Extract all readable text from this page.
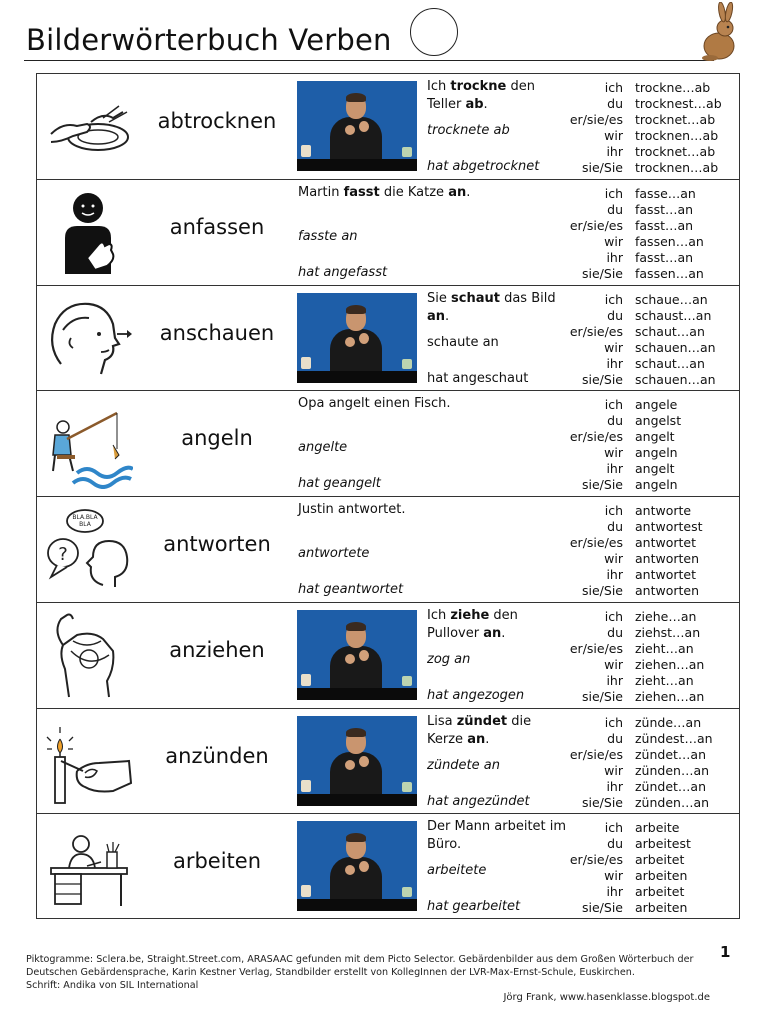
Bilderwörterbuch Verben
abtrocknen
Ich trockne den Teller ab.
trocknete ab
hat abgetrocknet
ich
du
er/sie/es
wir
ihr
sie/Sie
trockne…ab
trocknest…ab
trocknet…ab
trocknen…ab
trocknet…ab
trocknen…ab
anfassen
Martin fasst die Katze an.
fasste an
hat angefasst
ich
du
er/sie/es
wir
ihr
sie/Sie
fasse…an
fasst…an
fasst…an
fassen…an
fasst…an
fassen…an
anschauen
Sie schaut das Bild an.
schaute an
hat angeschaut
ich
du
er/sie/es
wir
ihr
sie/Sie
schaue…an
schaust…an
schaut…an
schauen…an
schaut…an
schauen…an
angeln
Opa angelt einen Fisch.
angelte
hat geangelt
ich
du
er/sie/es
wir
ihr
sie/Sie
angele
angelst
angelt
angeln
angelt
angeln
BLA.BLA
BLA
?	antworten
Justin antwortet.
antwortete
hat geantwortet
ich
du
er/sie/es
wir
ihr
sie/Sie
antworte
antwortest
antwortet
antworten
antwortet
antworten
anziehen
Ich ziehe den Pullover an.
zog an
hat angezogen
ich
du
er/sie/es
wir
ihr
sie/Sie
ziehe…an
ziehst…an
zieht…an
ziehen…an
zieht…an
ziehen…an
anzünden
Lisa zündet die Kerze an.
zündete an
hat angezündet
ich
du
er/sie/es
wir
ihr
sie/Sie
zünde…an
zündest…an
zündet…an
zünden…an
zündet…an
zünden…an
arbeiten
Der Mann arbeitet im Büro.
arbeitete
hat gearbeitet
ich
du
er/sie/es
wir
ihr
sie/Sie
arbeite
arbeitest
arbeitet
arbeiten
arbeitet
arbeiten
Piktogramme: Sclera.be, Straight.Street.com, ARASAAC gefunden mit dem Picto Selector. Gebärdenbilder aus dem Großen Wörterbuch der Deutschen Gebärdensprache, Karin Kestner Verlag, Standbilder erstellt von KollegInnen der LVR-Max-Ernst-Schule, Euskirchen.
Schrift: Andika von SIL International
1
Jörg Frank, www.hasenklasse.blogspot.de
